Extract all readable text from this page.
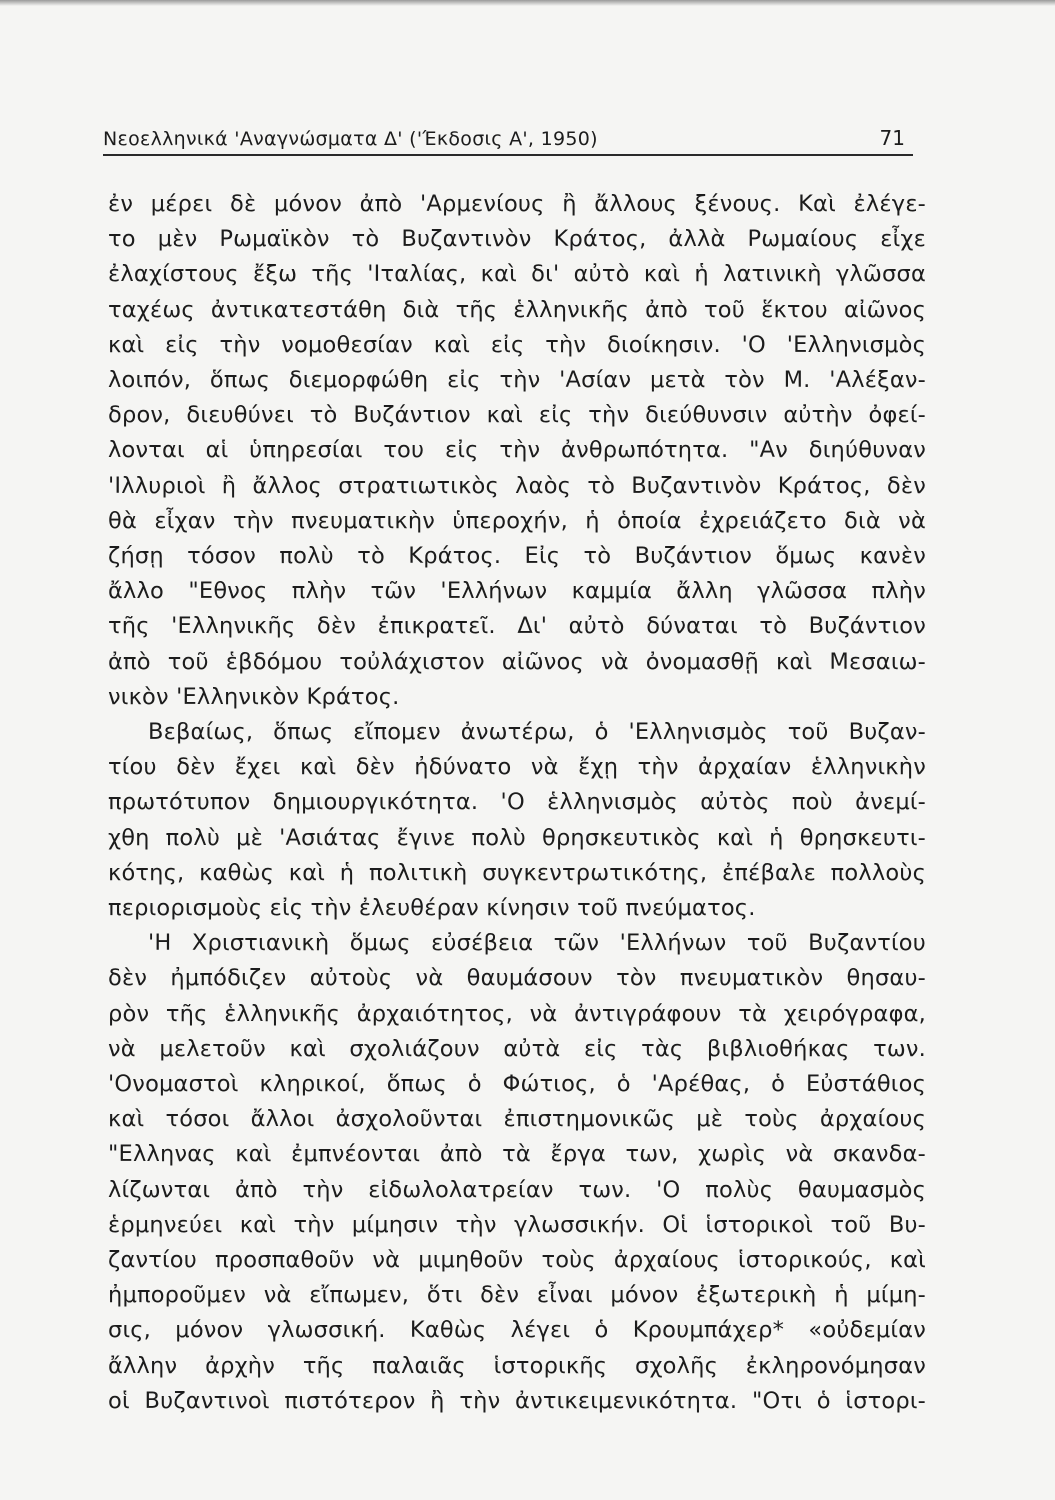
Νεοελληνικά 'Αναγνώσματα Δ' ('Έκδοσις Α', 1950)	71
ἐν μέρει δὲ μόνον ἀπὸ 'Αρμενίους ἢ ἄλλους ξένους. Καὶ ἐλέγε-
το μὲν Ρωμαϊκὸν τὸ Βυζαντινὸν Κράτος, ἀλλὰ Ρωμαίους εἶχε
ἐλαχίστους ἔξω τῆς 'Ιταλίας, καὶ δι' αὐτὸ καὶ ἡ λατινικὴ γλῶσσα
ταχέως ἀντικατεστάθη διὰ τῆς ἑλληνικῆς ἀπὸ τοῦ ἕκτου αἰῶνος
καὶ εἰς τὴν νομοθεσίαν καὶ εἰς τὴν διοίκησιν. 'Ο 'Ελληνισμὸς
λοιπόν, ὅπως διεμορφώθη εἰς τὴν 'Ασίαν μετὰ τὸν Μ. 'Αλέξαν-
δρον, διευθύνει τὸ Βυζάντιον καὶ εἰς τὴν διεύθυνσιν αὐτὴν ὀφεί-
λονται αἱ ὑπηρεσίαι του εἰς τὴν ἀνθρωπότητα. "Αν διηύθυναν
'Ιλλυριοὶ ἢ ἄλλος στρατιωτικὸς λαὸς τὸ Βυζαντινὸν Κράτος, δὲν
θὰ εἶχαν τὴν πνευματικὴν ὑπεροχήν, ἡ ὁποία ἐχρειάζετο διὰ νὰ
ζήσῃ τόσον πολὺ τὸ Κράτος. Εἰς τὸ Βυζάντιον ὅμως κανὲν
ἄλλο "Εθνος πλὴν τῶν 'Ελλήνων καμμία ἄλλη γλῶσσα πλὴν
τῆς 'Ελληνικῆς δὲν ἐπικρατεῖ. Δι' αὐτὸ δύναται τὸ Βυζάντιον
ἀπὸ τοῦ ἑβδόμου τοὐλάχιστον αἰῶνος νὰ ὀνομασθῇ καὶ Μεσαιω-
νικὸν 'Ελληνικὸν Κράτος.
Βεβαίως, ὅπως εἴπομεν ἀνωτέρω, ὁ 'Ελληνισμὸς τοῦ Βυζαν-
τίου δὲν ἔχει καὶ δὲν ἠδύνατο νὰ ἔχῃ τὴν ἀρχαίαν ἑλληνικὴν
πρωτότυπον δημιουργικότητα. 'Ο ἑλληνισμὸς αὐτὸς ποὺ ἀνεμί-
χθη πολὺ μὲ 'Ασιάτας ἔγινε πολὺ θρησκευτικὸς καὶ ἡ θρησκευτι-
κότης, καθὼς καὶ ἡ πολιτικὴ συγκεντρωτικότης, ἐπέβαλε πολλοὺς
περιορισμοὺς εἰς τὴν ἐλευθέραν κίνησιν τοῦ πνεύματος.
'Η Χριστιανικὴ ὅμως εὐσέβεια τῶν 'Ελλήνων τοῦ Βυζαντίου
δὲν ἠμπόδιζεν αὐτοὺς νὰ θαυμάσουν τὸν πνευματικὸν θησαυ-
ρὸν τῆς ἑλληνικῆς ἀρχαιότητος, νὰ ἀντιγράφουν τὰ χειρόγραφα,
νὰ μελετοῦν καὶ σχολιάζουν αὐτὰ εἰς τὰς βιβλιοθήκας των.
'Ονομαστοὶ κληρικοί, ὅπως ὁ Φώτιος, ὁ 'Αρέθας, ὁ Εὐστάθιος
καὶ τόσοι ἄλλοι ἀσχολοῦνται ἐπιστημονικῶς μὲ τοὺς ἀρχαίους
"Ελληνας καὶ ἐμπνέονται ἀπὸ τὰ ἔργα των, χωρὶς νὰ σκανδα-
λίζωνται ἀπὸ τὴν εἰδωλολατρείαν των. 'Ο πολὺς θαυμασμὸς
ἑρμηνεύει καὶ τὴν μίμησιν τὴν γλωσσικήν. Οἱ ἱστορικοὶ τοῦ Βυ-
ζαντίου προσπαθοῦν νὰ μιμηθοῦν τοὺς ἀρχαίους ἱστορικούς, καὶ
ἠμποροῦμεν νὰ εἴπωμεν, ὅτι δὲν εἶναι μόνον ἐξωτερικὴ ἡ μίμη-
σις, μόνον γλωσσική. Καθὼς λέγει ὁ Κρουμπάχερ* «οὐδεμίαν
ἄλλην ἀρχὴν τῆς παλαιᾶς ἱστορικῆς σχολῆς ἐκληρονόμησαν
οἱ Βυζαντινοὶ πιστότερον ἢ τὴν ἀντικειμενικότητα. "Οτι ὁ ἱστορι-
